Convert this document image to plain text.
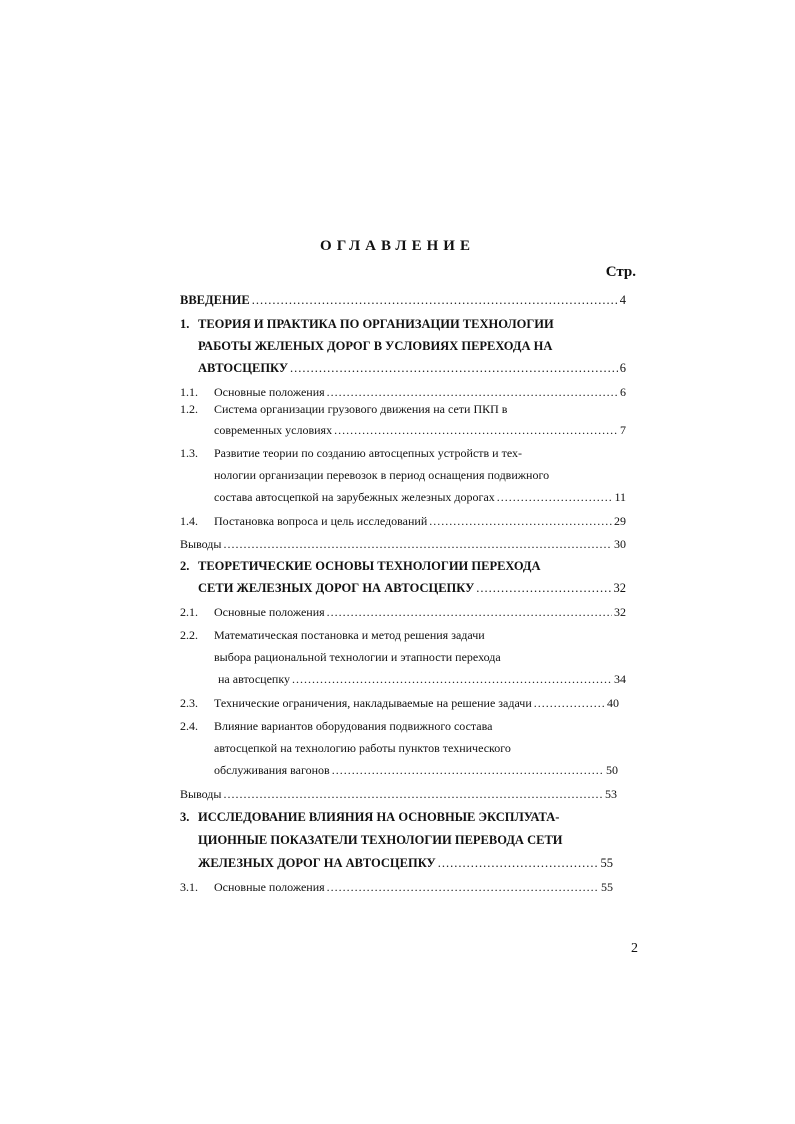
ОГЛАВЛЕНИЕ
Стр.
ВВЕДЕНИЕ .....	4
1. ТЕОРИЯ И ПРАКТИКА ПО ОРГАНИЗАЦИИ ТЕХНОЛОГИИ
РАБОТЫ ЖЕЛЕНЫХ ДОРОГ В УСЛОВИЯХ ПЕРЕХОДА НА
АВТОСЦЕПКУ .....	6
1.1. Основные положения .....	6
1.2. Система организации грузового движения на сети ПКП в
современных условиях .....	7
1.3. Развитие теории по созданию автосцепных устройств и тех-
нологии организации перевозок в период оснащения подвижного
состава автосцепкой на зарубежных железных дорогах .....	11
1.4. Постановка вопроса и цель исследований .....	29
Выводы .....	30
2. ТЕОРЕТИЧЕСКИЕ ОСНОВЫ ТЕХНОЛОГИИ ПЕРЕХОДА
СЕТИ ЖЕЛЕЗНЫХ ДОРОГ НА АВТОСЦЕПКУ .....	32
2.1. Основные положения .....	32
2.2. Математическая постановка и метод решения задачи
выбора рациональной технологии и этапности перехода
на автосцепку .....	34
2.3. Технические ограничения, накладываемые на решение задачи .....	40
2.4. Влияние вариантов оборудования подвижного состава
автосцепкой на технологию работы пунктов технического
обслуживания вагонов .....	50
Выводы .....	53
3. ИССЛЕДОВАНИЕ ВЛИЯНИЯ НА ОСНОВНЫЕ ЭКСПЛУАТА-
ЦИОННЫЕ ПОКАЗАТЕЛИ ТЕХНОЛОГИИ ПЕРЕВОДА СЕТИ
ЖЕЛЕЗНЫХ ДОРОГ НА АВТОСЦЕПКУ .....	55
3.1. Основные положения .....	55
2
